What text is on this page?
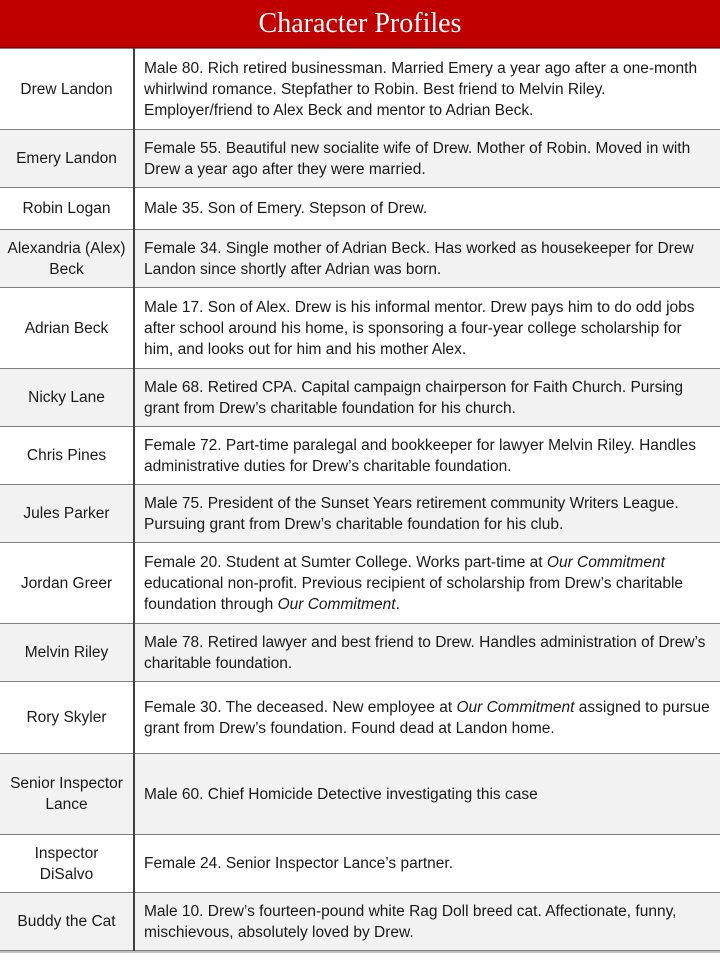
Character Profiles
Drew Landon	Male 80. Rich retired businessman. Married Emery a year ago after a one-month whirlwind romance. Stepfather to Robin. Best friend to Melvin Riley. Employer/friend to Alex Beck and mentor to Adrian Beck.
Emery Landon	Female 55. Beautiful new socialite wife of Drew. Mother of Robin. Moved in with Drew a year ago after they were married.
Robin Logan	Male 35. Son of Emery. Stepson of Drew.
Alexandria (Alex) Beck	Female 34. Single mother of Adrian Beck. Has worked as housekeeper for Drew Landon since shortly after Adrian was born.
Adrian Beck	Male 17. Son of Alex. Drew is his informal mentor. Drew pays him to do odd jobs after school around his home, is sponsoring a four-year college scholarship for him, and looks out for him and his mother Alex.
Nicky Lane	Male 68. Retired CPA. Capital campaign chairperson for Faith Church. Pursing grant from Drew’s charitable foundation for his church.
Chris Pines	Female 72. Part-time paralegal and bookkeeper for lawyer Melvin Riley. Handles administrative duties for Drew’s charitable foundation.
Jules Parker	Male 75. President of the Sunset Years retirement community Writers League. Pursuing grant from Drew’s charitable foundation for his club.
Jordan Greer	Female 20. Student at Sumter College. Works part-time at Our Commitment educational non-profit. Previous recipient of scholarship from Drew’s charitable foundation through Our Commitment.
Melvin Riley	Male 78. Retired lawyer and best friend to Drew. Handles administration of Drew’s charitable foundation.
Rory Skyler	Female 30. The deceased. New employee at Our Commitment assigned to pursue grant from Drew’s foundation. Found dead at Landon home.
Senior Inspector Lance	Male 60. Chief Homicide Detective investigating this case
Inspector DiSalvo	Female 24. Senior Inspector Lance’s partner.
Buddy the Cat	Male 10. Drew’s fourteen-pound white Rag Doll breed cat. Affectionate, funny, mischievous, absolutely loved by Drew.
